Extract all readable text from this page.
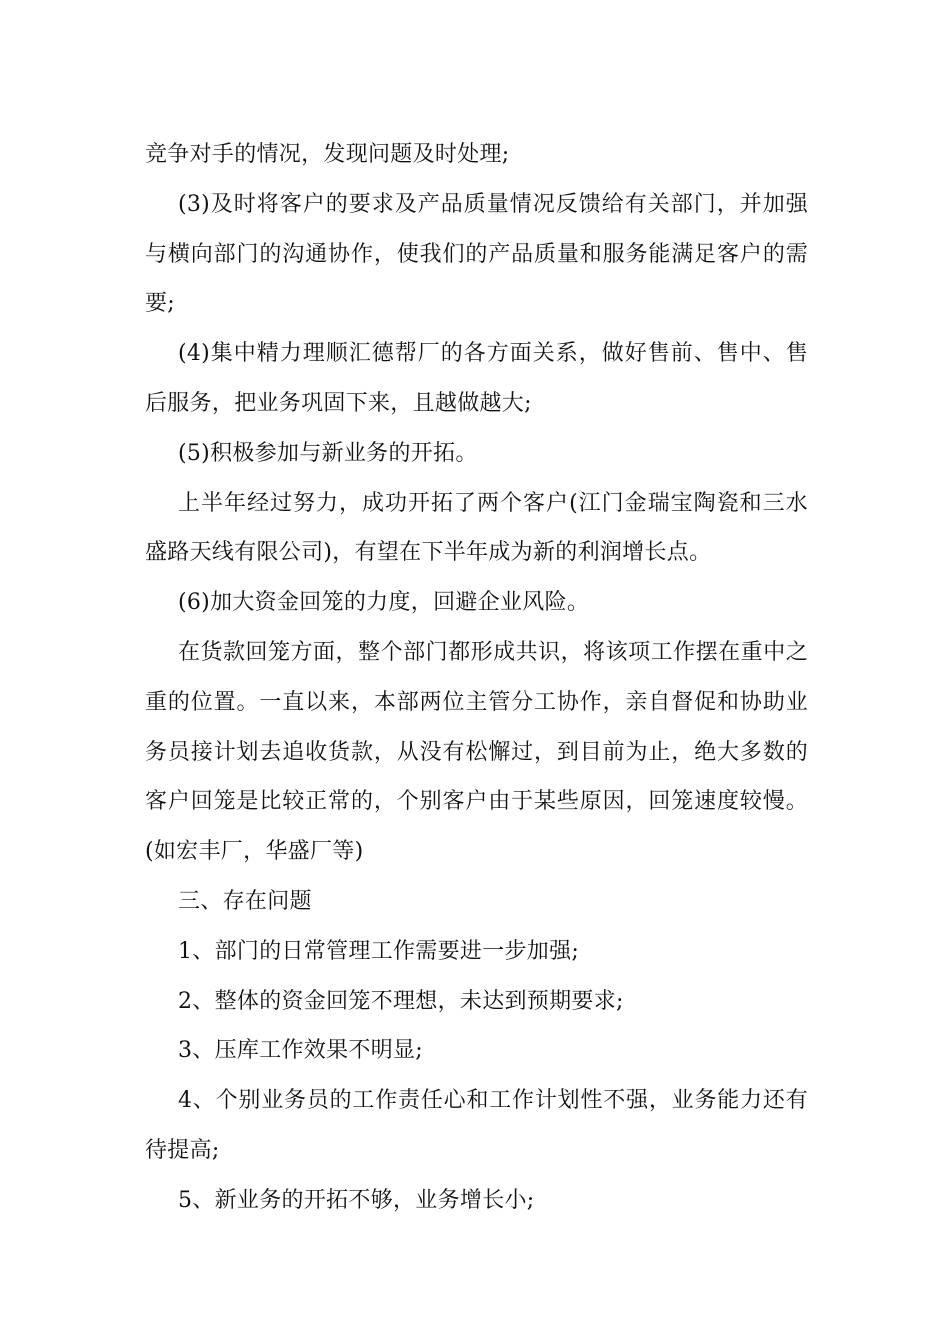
竞争对手的情况，发现问题及时处理;

(3)及时将客户的要求及产品质量情况反馈给有关部门，并加强与横向部门的沟通协作，使我们的产品质量和服务能满足客户的需要;

(4)集中精力理顺汇德帮厂的各方面关系，做好售前、售中、售后服务，把业务巩固下来，且越做越大;

(5)积极参加与新业务的开拓。

上半年经过努力，成功开拓了两个客户(江门金瑞宝陶瓷和三水盛路天线有限公司)，有望在下半年成为新的利润增长点。

(6)加大资金回笼的力度，回避企业风险。

在货款回笼方面，整个部门都形成共识，将该项工作摆在重中之重的位置。一直以来，本部两位主管分工协作，亲自督促和协助业务员接计划去追收货款，从没有松懈过，到目前为止，绝大多数的客户回笼是比较正常的，个别客户由于某些原因，回笼速度较慢。(如宏丰厂，华盛厂等)

三、存在问题

1、部门的日常管理工作需要进一步加强;

2、整体的资金回笼不理想，未达到预期要求;

3、压库工作效果不明显;

4、个别业务员的工作责任心和工作计划性不强，业务能力还有待提高;

5、新业务的开拓不够，业务增长小;
